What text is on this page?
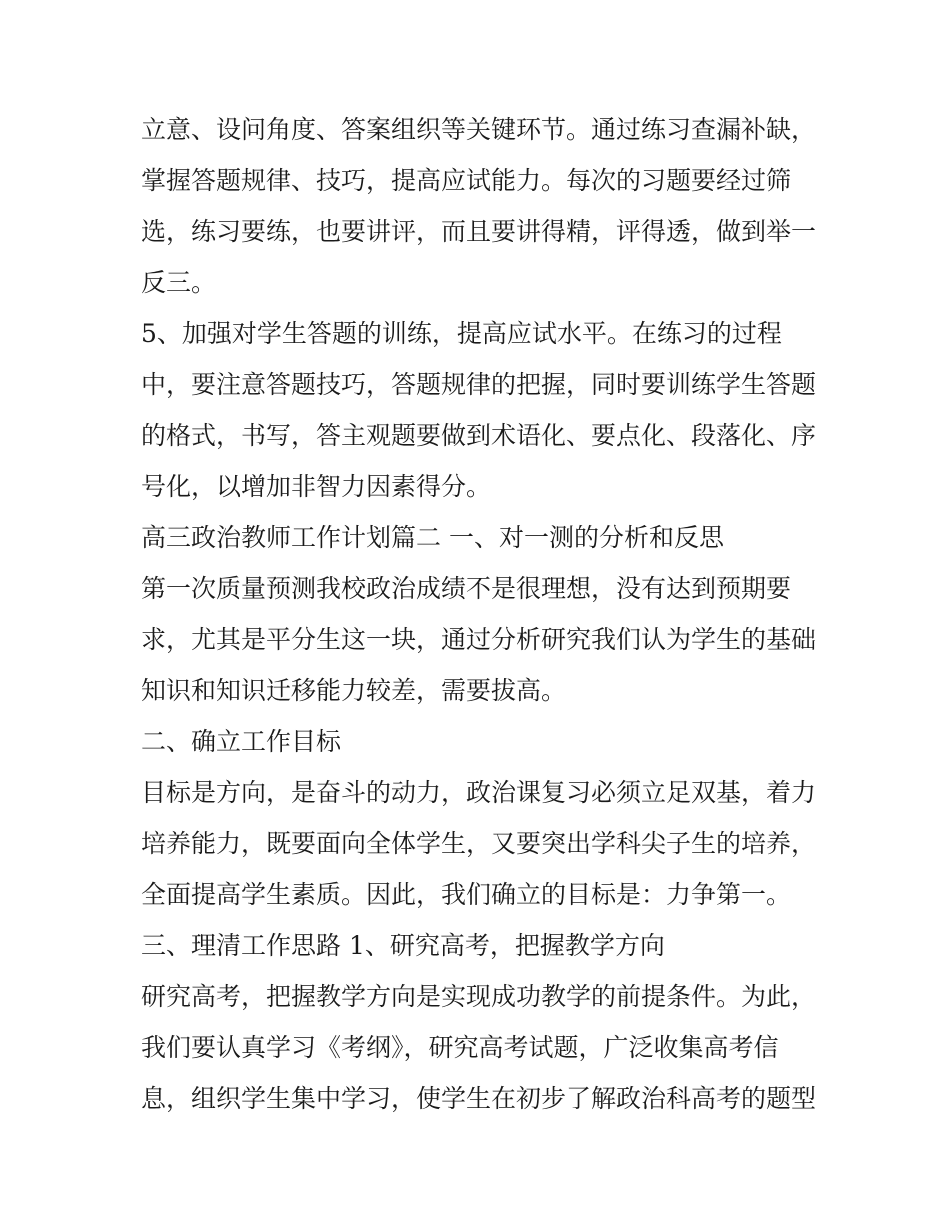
立意、设问角度、答案组织等关键环节。通过练习查漏补缺，
掌握答题规律、技巧，提高应试能力。每次的习题要经过筛
选，练习要练，也要讲评，而且要讲得精，评得透，做到举一
反三。
5、加强对学生答题的训练，提高应试水平。在练习的过程
中，要注意答题技巧，答题规律的把握，同时要训练学生答题
的格式，书写，答主观题要做到术语化、要点化、段落化、序
号化，以增加非智力因素得分。
高三政治教师工作计划篇二 一、对一测的分析和反思
第一次质量预测我校政治成绩不是很理想，没有达到预期要
求，尤其是平分生这一块，通过分析研究我们认为学生的基础
知识和知识迁移能力较差，需要拔高。
二、确立工作目标
目标是方向，是奋斗的动力，政治课复习必须立足双基，着力
培养能力，既要面向全体学生，又要突出学科尖子生的培养，
全面提高学生素质。因此，我们确立的目标是：力争第一。
三、理清工作思路 1、研究高考，把握教学方向
研究高考，把握教学方向是实现成功教学的前提条件。为此，
我们要认真学习《考纲》，研究高考试题，广泛收集高考信
息，组织学生集中学习，使学生在初步了解政治科高考的题型
